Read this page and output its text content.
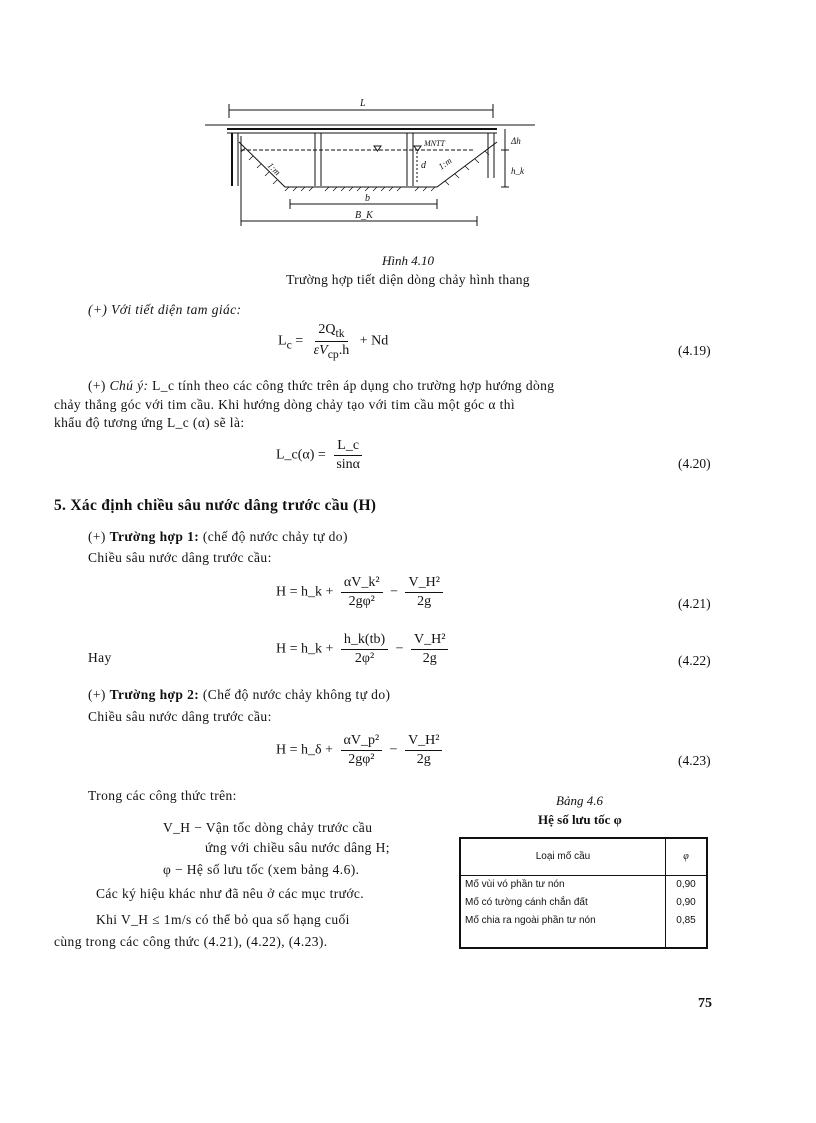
L
MNTT	Δh
h_k
d
1:m	1:m
b
B_K
Hình 4.10
Trường hợp tiết diện dòng chảy hình thang
(+) Với tiết diện tam giác:
$L_c = \frac{2Q_{tk}}{\varepsilon V_{cp}.h} + Nd$
(4.19)
(+) Chú ý: L_c tính theo các công thức trên áp dụng cho trường hợp hướng dòng
chảy thẳng góc với tim cầu. Khi hướng dòng chảy tạo với tim cầu một góc α thì
khẩu độ tương ứng L_c (α) sẽ là:
L_c(α) = $\frac{L\_c}{\sin\alpha}$	(4.20)
5. Xác định chiều sâu nước dâng trước cầu (H)
(+) Trường hợp 1: (chế độ nước chảy tự do)
Chiều sâu nước dâng trước cầu:
H = h_k + $\frac{\text{αV\_k²}}{\text{2gφ²}} - \frac{\text{V\_H²}}{2g}$	(4.21)
Hay
H = h_k + $\frac{h\_k(tb)}{\text{2φ²}} - \frac{\text{V\_H²}}{2g}$	(4.22)
(+) Trường hợp 2: (Chế độ nước chảy không tự do)
Chiều sâu nước dâng trước cầu:
H = h_δ + $\frac{\text{αV\_p²}}{\text{2gφ²}} - \frac{\text{V\_H²}}{2g}$	(4.23)
Trong các công thức trên:
V_H − Vận tốc dòng chảy trước cầu
ứng với chiều sâu nước dâng H;
φ − Hệ số lưu tốc (xem bảng 4.6).
Các ký hiệu khác như đã nêu ở các mục trước.
Khi V_H ≤ 1m/s có thể bỏ qua số hạng cuối
cùng trong các công thức (4.21), (4.22), (4.23).
Bảng 4.6
Hệ số lưu tốc φ
Loại mố cầu	φ
Mố vùi vó phần tư nón	0,90
Mố có tường cánh chắn đất	0,90
Mố chia ra ngoài phần tư nón	0,85

75
